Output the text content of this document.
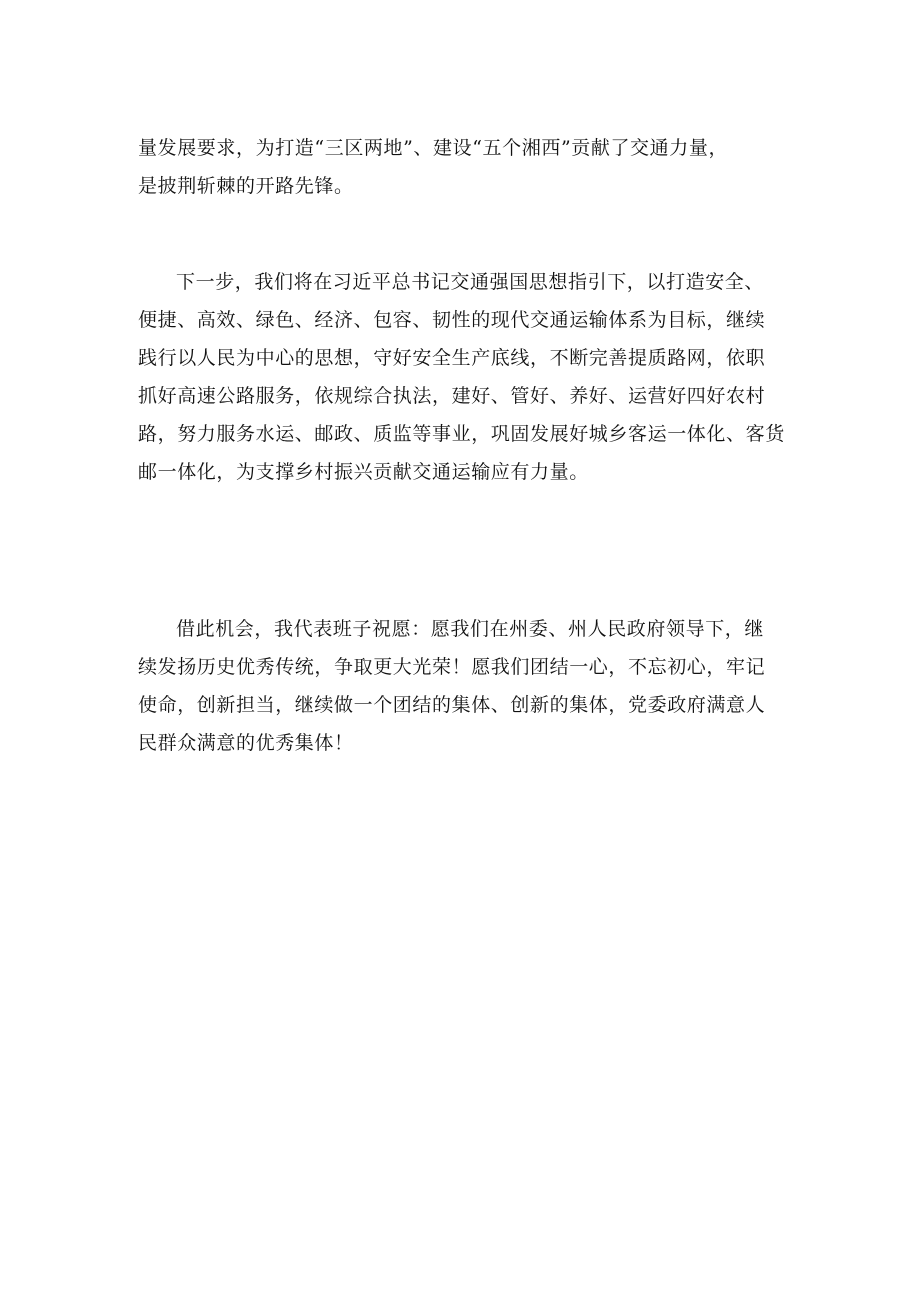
量发展要求，为打造“三区两地”、建设“五个湘西”贡献了交通力量，
是披荆斩棘的开路先锋。
下一步，我们将在习近平总书记交通强国思想指引下，以打造安全、
便捷、高效、绿色、经济、包容、韧性的现代交通运输体系为目标，继续
践行以人民为中心的思想，守好安全生产底线，不断完善提质路网，依职
抓好高速公路服务，依规综合执法，建好、管好、养好、运营好四好农村
路，努力服务水运、邮政、质监等事业，巩固发展好城乡客运一体化、客货
邮一体化，为支撑乡村振兴贡献交通运输应有力量。
借此机会，我代表班子祝愿：愿我们在州委、州人民政府领导下，继
续发扬历史优秀传统，争取更大光荣！愿我们团结一心，不忘初心，牢记
使命，创新担当，继续做一个团结的集体、创新的集体，党委政府满意人
民群众满意的优秀集体！
